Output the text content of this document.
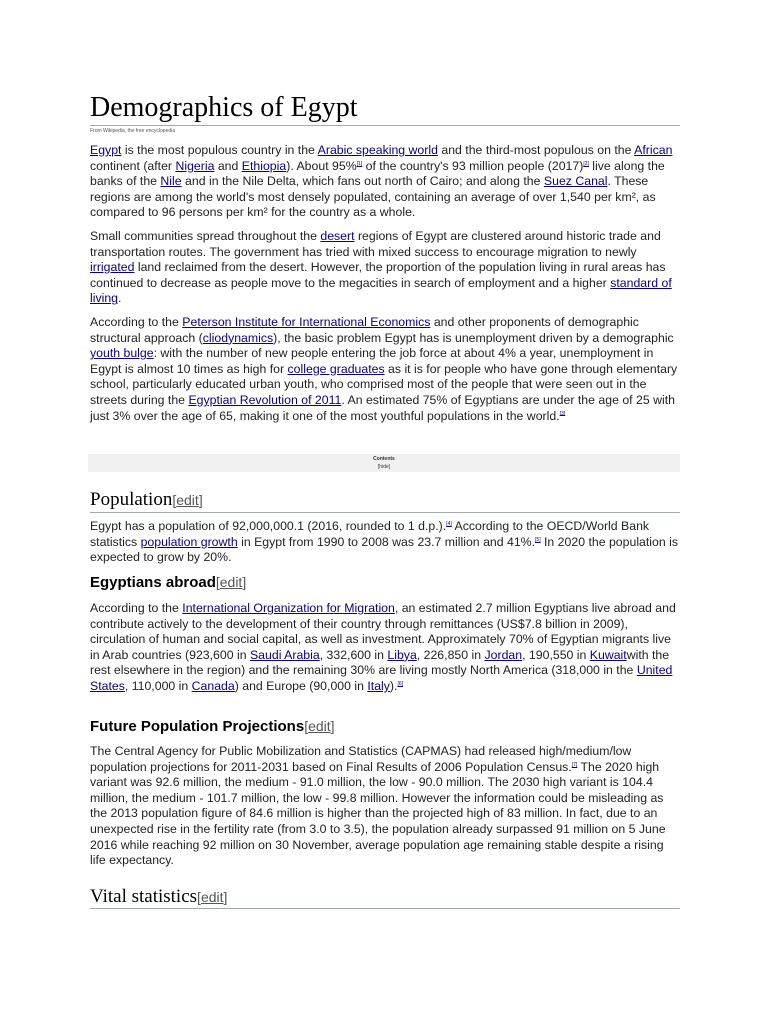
Demographics of Egypt
From Wikipedia, the free encyclopedia

Egypt is the most populous country in the Arabic speaking world and the third-most populous on the African continent (after Nigeria and Ethiopia). About 95%[1] of the country's 93 million people (2017)[2] live along the banks of the Nile and in the Nile Delta, which fans out north of Cairo; and along the Suez Canal. These regions are among the world's most densely populated, containing an average of over 1,540 per km², as compared to 96 persons per km² for the country as a whole.

Small communities spread throughout the desert regions of Egypt are clustered around historic trade and transportation routes. The government has tried with mixed success to encourage migration to newly irrigated land reclaimed from the desert. However, the proportion of the population living in rural areas has continued to decrease as people move to the megacities in search of employment and a higher standard of living.

According to the Peterson Institute for International Economics and other proponents of demographic structural approach (cliodynamics), the basic problem Egypt has is unemployment driven by a demographic youth bulge: with the number of new people entering the job force at about 4% a year, unemployment in Egypt is almost 10 times as high for college graduates as it is for people who have gone through elementary school, particularly educated urban youth, who comprised most of the people that were seen out in the streets during the Egyptian Revolution of 2011. An estimated 75% of Egyptians are under the age of 25 with just 3% over the age of 65, making it one of the most youthful populations in the world.[3]

Contents
[hide]
Population[edit]

Egypt has a population of 92,000,000.1 (2016, rounded to 1 d.p.).[4] According to the OECD/World Bank statistics population growth in Egypt from 1990 to 2008 was 23.7 million and 41%.[5] In 2020 the population is expected to grow by 20%.

Egyptians abroad[edit]

According to the International Organization for Migration, an estimated 2.7 million Egyptians live abroad and contribute actively to the development of their country through remittances (US$7.8 billion in 2009), circulation of human and social capital, as well as investment. Approximately 70% of Egyptian migrants live in Arab countries (923,600 in Saudi Arabia, 332,600 in Libya, 226,850 in Jordan, 190,550 in Kuwaitwith the rest elsewhere in the region) and the remaining 30% are living mostly North America (318,000 in the United States, 110,000 in Canada) and Europe (90,000 in Italy).[6]

Future Population Projections[edit]

The Central Agency for Public Mobilization and Statistics (CAPMAS) had released high/medium/low population projections for 2011-2031 based on Final Results of 2006 Population Census.[7] The 2020 high variant was 92.6 million, the medium - 91.0 million, the low - 90.0 million. The 2030 high variant is 104.4 million, the medium - 101.7 million, the low - 99.8 million. However the information could be misleading as the 2013 population figure of 84.6 million is higher than the projected high of 83 million. In fact, due to an unexpected rise in the fertility rate (from 3.0 to 3.5), the population already surpassed 91 million on 5 June 2016 while reaching 92 million on 30 November, average population age remaining stable despite a rising life expectancy.

Vital statistics[edit]
